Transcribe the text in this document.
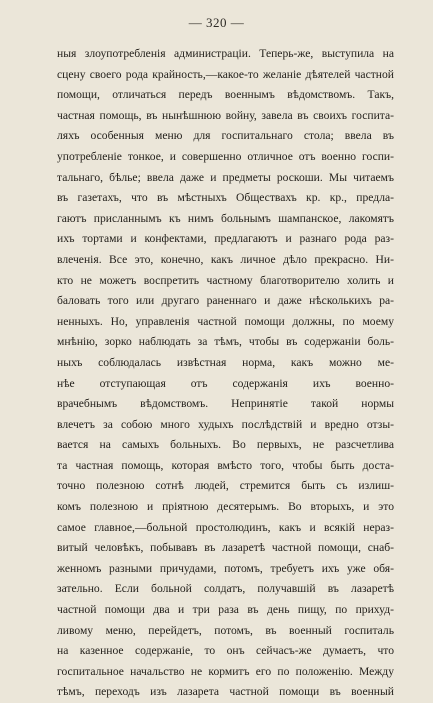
— 320 —
ныя злоупотребленія администраціи. Теперь-же, выступила на
сцену своего рода крайность,—какое-то желаніе дѣятелей частной
помощи, отличаться передъ военнымъ вѣдомствомъ. Такъ,
частная помощь, въ нынѣшнюю войну, завела въ своихъ госпита-
ляхъ особенныя меню для госпитальнаго стола; ввела въ
употребленіе тонкое, и совершенно отличное отъ военно госпи-
тальнаго, бѣлье; ввела даже и предметы роскоши. Мы читаемъ
въ газетахъ, что въ мѣстныхъ Обществахъ кр. кр., предла-
гаютъ присланнымъ къ нимъ больнымъ шампанское, лакомятъ
ихъ тортами и конфектами, предлагаютъ и разнаго рода раз-
влеченія. Все это, конечно, какъ личное дѣло прекрасно. Ни-
кто не можетъ воспретить частному благотворителю холить и
баловать того или другаго раненнаго и даже нѣсколькихъ ра-
ненныхъ. Но, управленія частной помощи должны, по моему
мнѣнію, зорко наблюдать за тѣмъ, чтобы въ содержаніи боль-
ныхъ соблюдалась извѣстная норма, какъ можно ме-
нѣе отступающая отъ содержанія ихъ военно-
врачебнымъ вѣдомствомъ. Непринятіе такой нормы
влечетъ за собою много худыхъ послѣдствій и вредно отзы-
вается на самыхъ больныхъ. Во первыхъ, не разсчетлива
та частная помощь, которая вмѣсто того, чтобы быть доста-
точно полезною сотнѣ людей, стремится быть съ излиш-
комъ полезною и пріятною десятерымъ. Во вторыхъ, и это
самое главное,—больной простолюдинъ, какъ и всякій нераз-
витый человѣкъ, побывавъ въ лазаретѣ частной помощи, снаб-
женномъ разными причудами, потомъ, требуетъ ихъ уже обя-
зательно. Если больной солдатъ, получавшій въ лазаретѣ
частной помощи два и три раза въ день пищу, по прихуд-
ливому меню, перейдетъ, потомъ, въ военный госпиталь
на казенное содержаніе, то онъ сейчасъ-же думаетъ, что
госпитальное начальство не кормитъ его по положенію. Между
тѣмъ, переходъ изъ лазарета частной помощи въ военный
